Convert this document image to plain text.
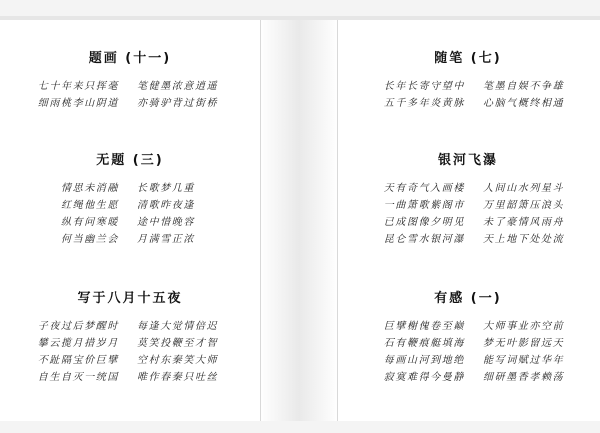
题画 (十一)
七十年来只挥毫 笔健墨浓意逍遥
细雨桃李山阴道 亦骑驴背过街桥
无题 (三)
情思未消融 长歌梦几重
红绳他生愿 清歌昨夜逢
纵有问寒暖 途中惜晚容
何当幽兰会 月满雪正浓
写于八月十五夜
子夜过后梦醒时 每逢大觉情倍迟
攀云揽月措岁月 莫笑投鞭至才智
不趾隔宝价巨擘 空村东秦笑大师
自生自灭一统国 唯作春秦只吐丝
随笔 (七)
长年长寄守望中 笔墨自娱不争雄
五千多年炎黄脉 心脑气概终相通
银河飞瀑
天有奇气入画楼 人间山水列星斗
一曲箫歌紫阁市 万里韶箫压浪头
已成图像夕明见 未了豪情风雨舟
昆仑雪水银河瀑 天上地下处处流
有感 (一)
巨擘榭傀卷至巅 大师事业亦空前
石有鞭痕艇填海 梦无叶影留远天
每画山河到地绝 能写词赋过华年
寂寞难得今曼静 细研墨香孝赖荡
